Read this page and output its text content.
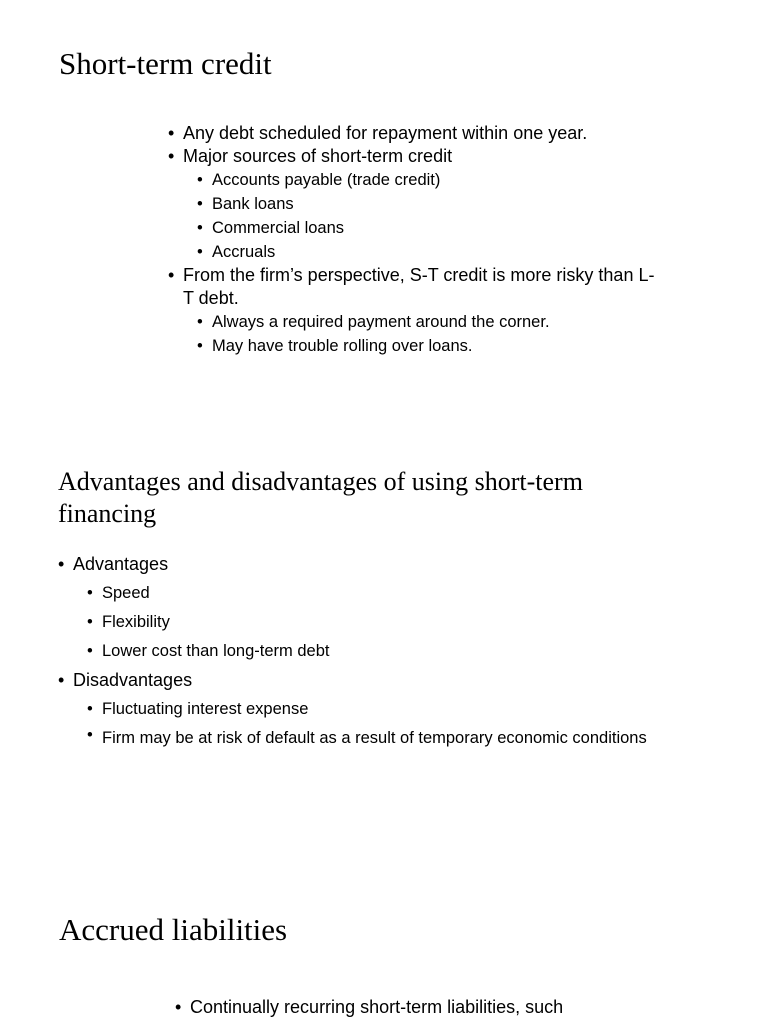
Short-term credit
• Any debt scheduled for repayment within one year.
• Major sources of short-term credit
• Accounts payable (trade credit)
• Bank loans
• Commercial loans
• Accruals
• From the firm’s perspective, S-T credit is more risky than L-T debt.
• Always a required payment around the corner.
• May have trouble rolling over loans.
Advantages and disadvantages of using short-term financing
• Advantages
• Speed
• Flexibility
• Lower cost than long-term debt
• Disadvantages
• Fluctuating interest expense
• Firm may be at risk of default as a result of temporary economic conditions
Accrued liabilities
• Continually recurring short-term liabilities, such
